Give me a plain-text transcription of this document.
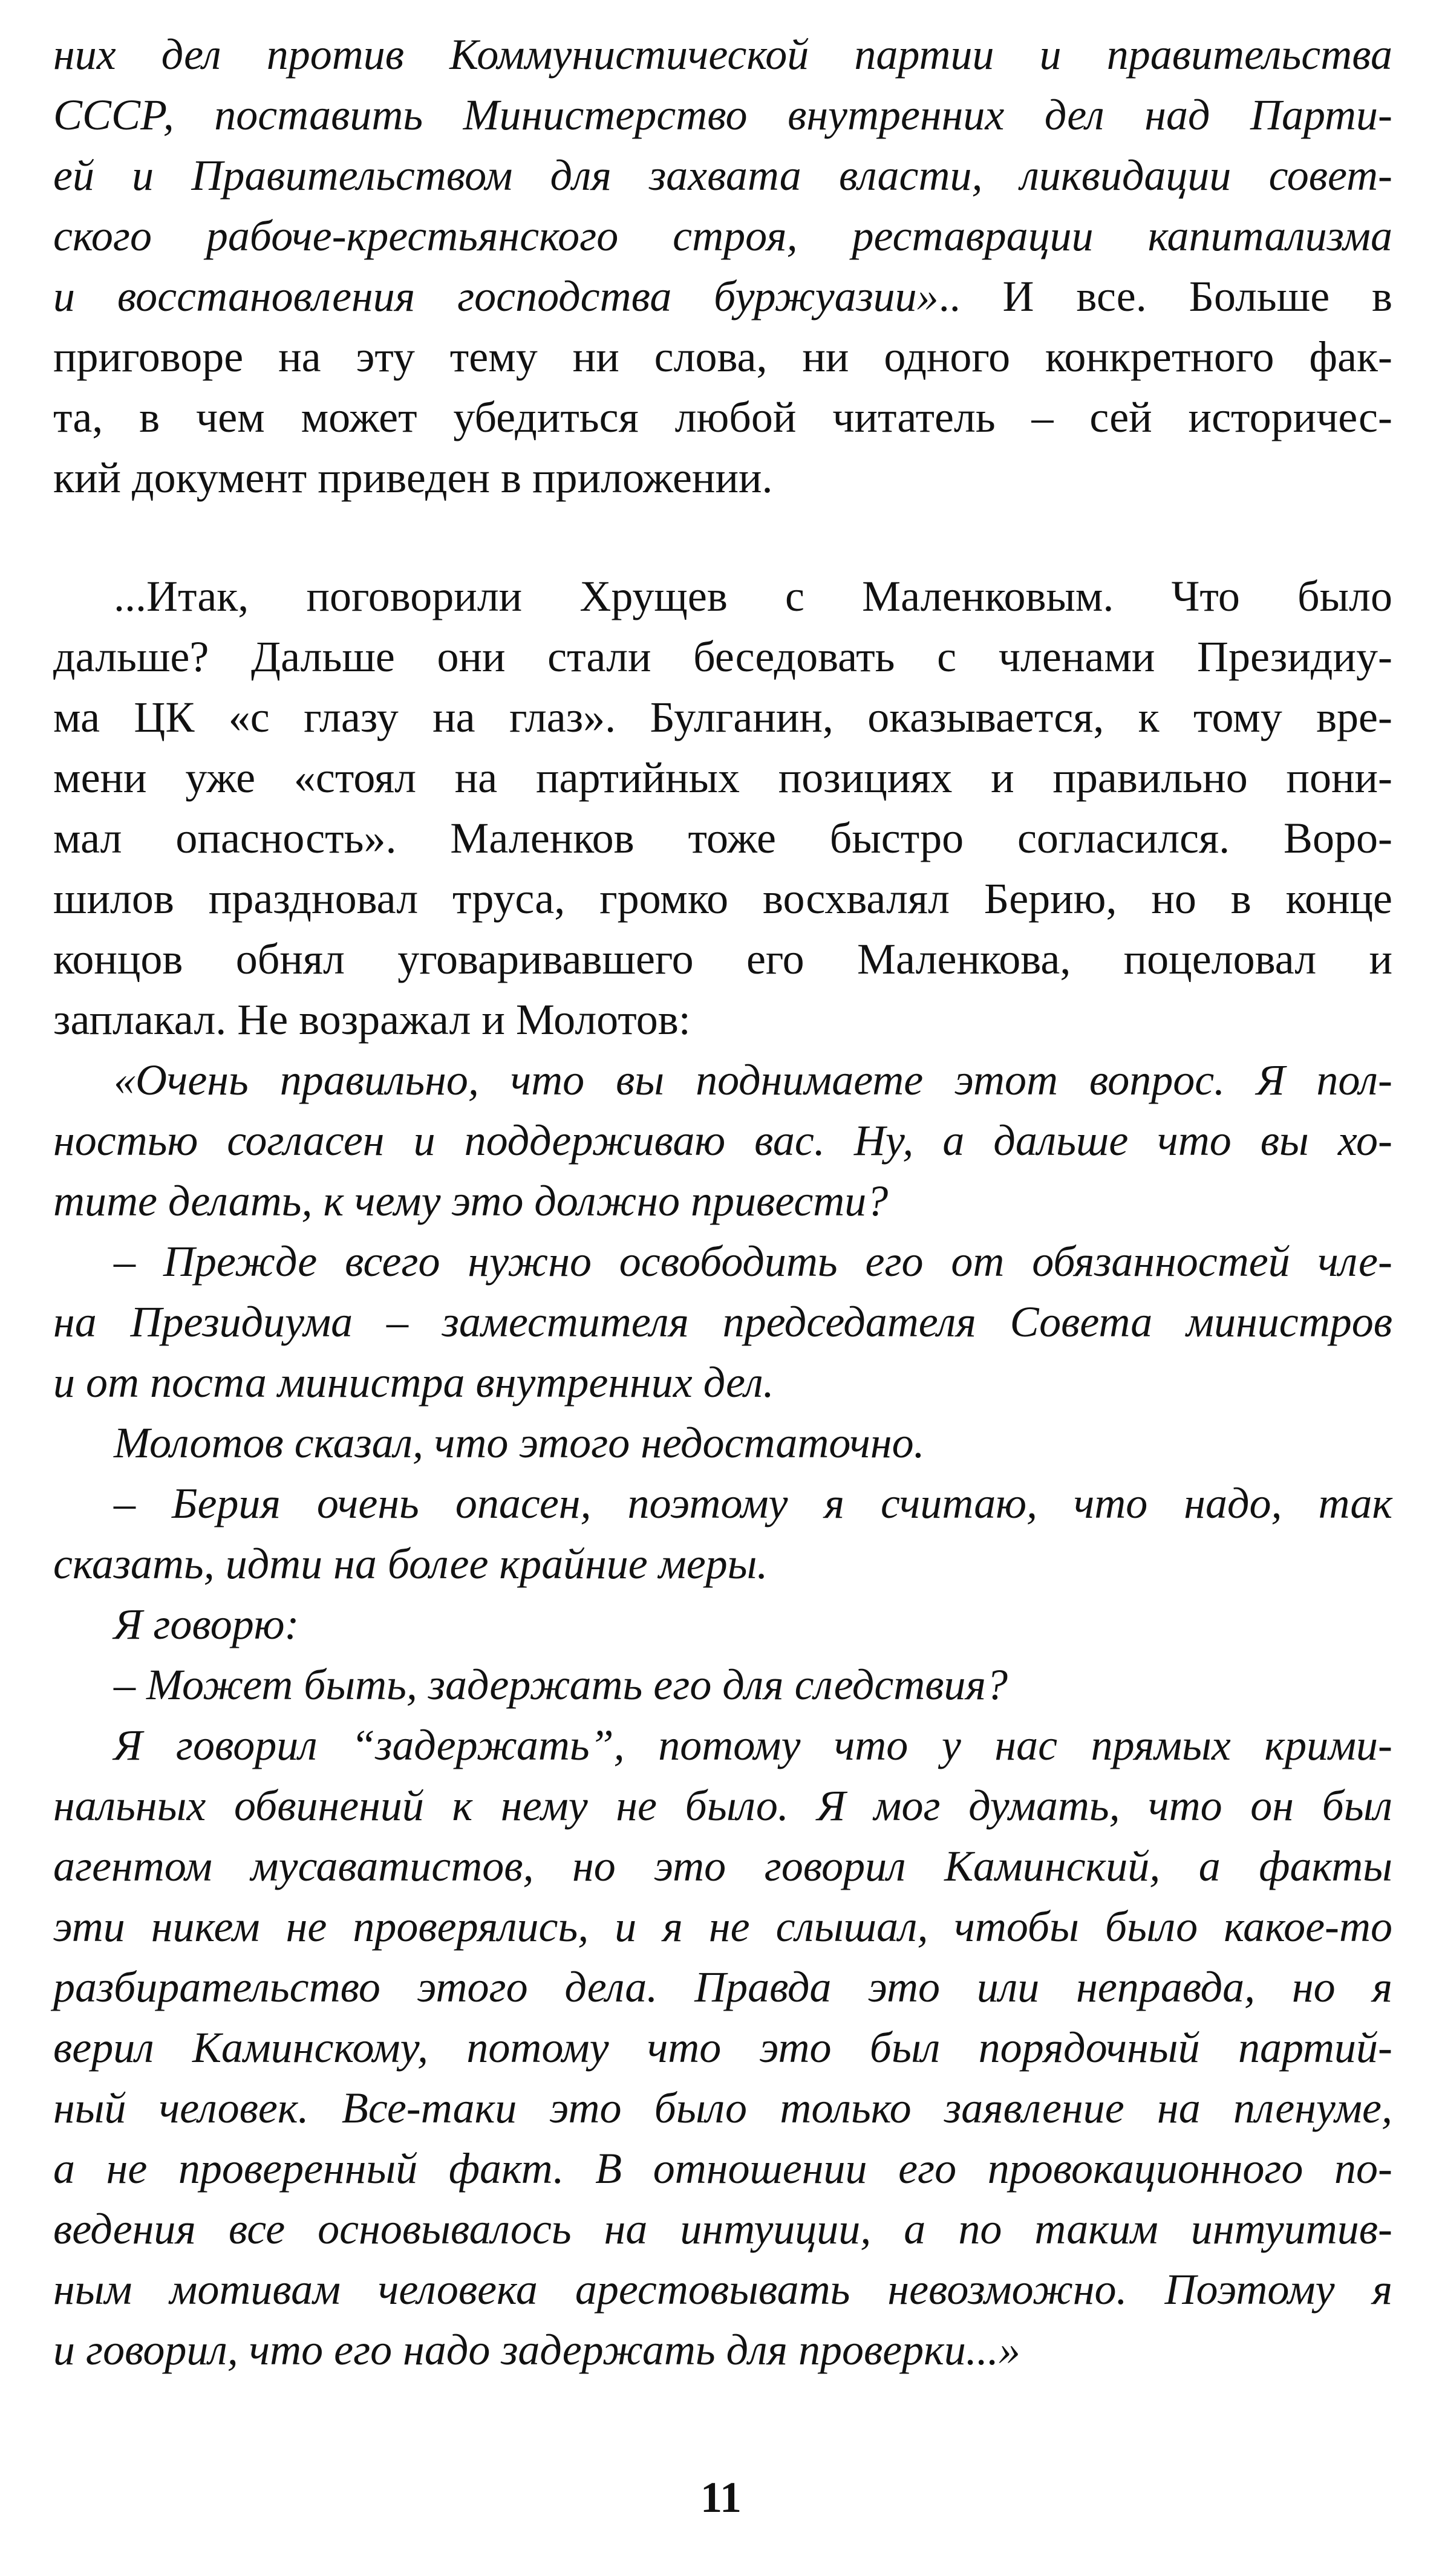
них дел против Коммунистической партии и правительства
СССР, поставить Министерство внутренних дел над Парти-
ей и Правительством для захвата власти, ликвидации совет-
ского рабоче-крестьянского строя, реставрации капитализма
и восстановления господства буржуазии».. И все. Больше в
приговоре на эту тему ни слова, ни одного конкретного фак-
та, в чем может убедиться любой читатель – сей историчес-
кий документ приведен в приложении.
...Итак, поговорили Хрущев с Маленковым. Что было
дальше? Дальше они стали беседовать с членами Президиу-
ма ЦК «с глазу на глаз». Булганин, оказывается, к тому вре-
мени уже «стоял на партийных позициях и правильно пони-
мал опасность». Маленков тоже быстро согласился. Воро-
шилов праздновал труса, громко восхвалял Берию, но в конце
концов обнял уговаривавшего его Маленкова, поцеловал и
заплакал. Не возражал и Молотов:
«Очень правильно, что вы поднимаете этот вопрос. Я пол-
ностью согласен и поддерживаю вас. Ну, а дальше что вы хо-
тите делать, к чему это должно привести?
– Прежде всего нужно освободить его от обязанностей чле-
на Президиума – заместителя председателя Совета министров
и от поста министра внутренних дел.
Молотов сказал, что этого недостаточно.
– Берия очень опасен, поэтому я считаю, что надо, так
сказать, идти на более крайние меры.
Я говорю:
– Может быть, задержать его для следствия?
Я говорил “задержать”, потому что у нас прямых крими-
нальных обвинений к нему не было. Я мог думать, что он был
агентом мусаватистов, но это говорил Каминский, а факты
эти никем не проверялись, и я не слышал, чтобы было какое-то
разбирательство этого дела. Правда это или неправда, но я
верил Каминскому, потому что это был порядочный партий-
ный человек. Все-таки это было только заявление на пленуме,
а не проверенный факт. В отношении его провокационного по-
ведения все основывалось на интуиции, а по таким интуитив-
ным мотивам человека арестовывать невозможно. Поэтому я
и говорил, что его надо задержать для проверки...»
11
